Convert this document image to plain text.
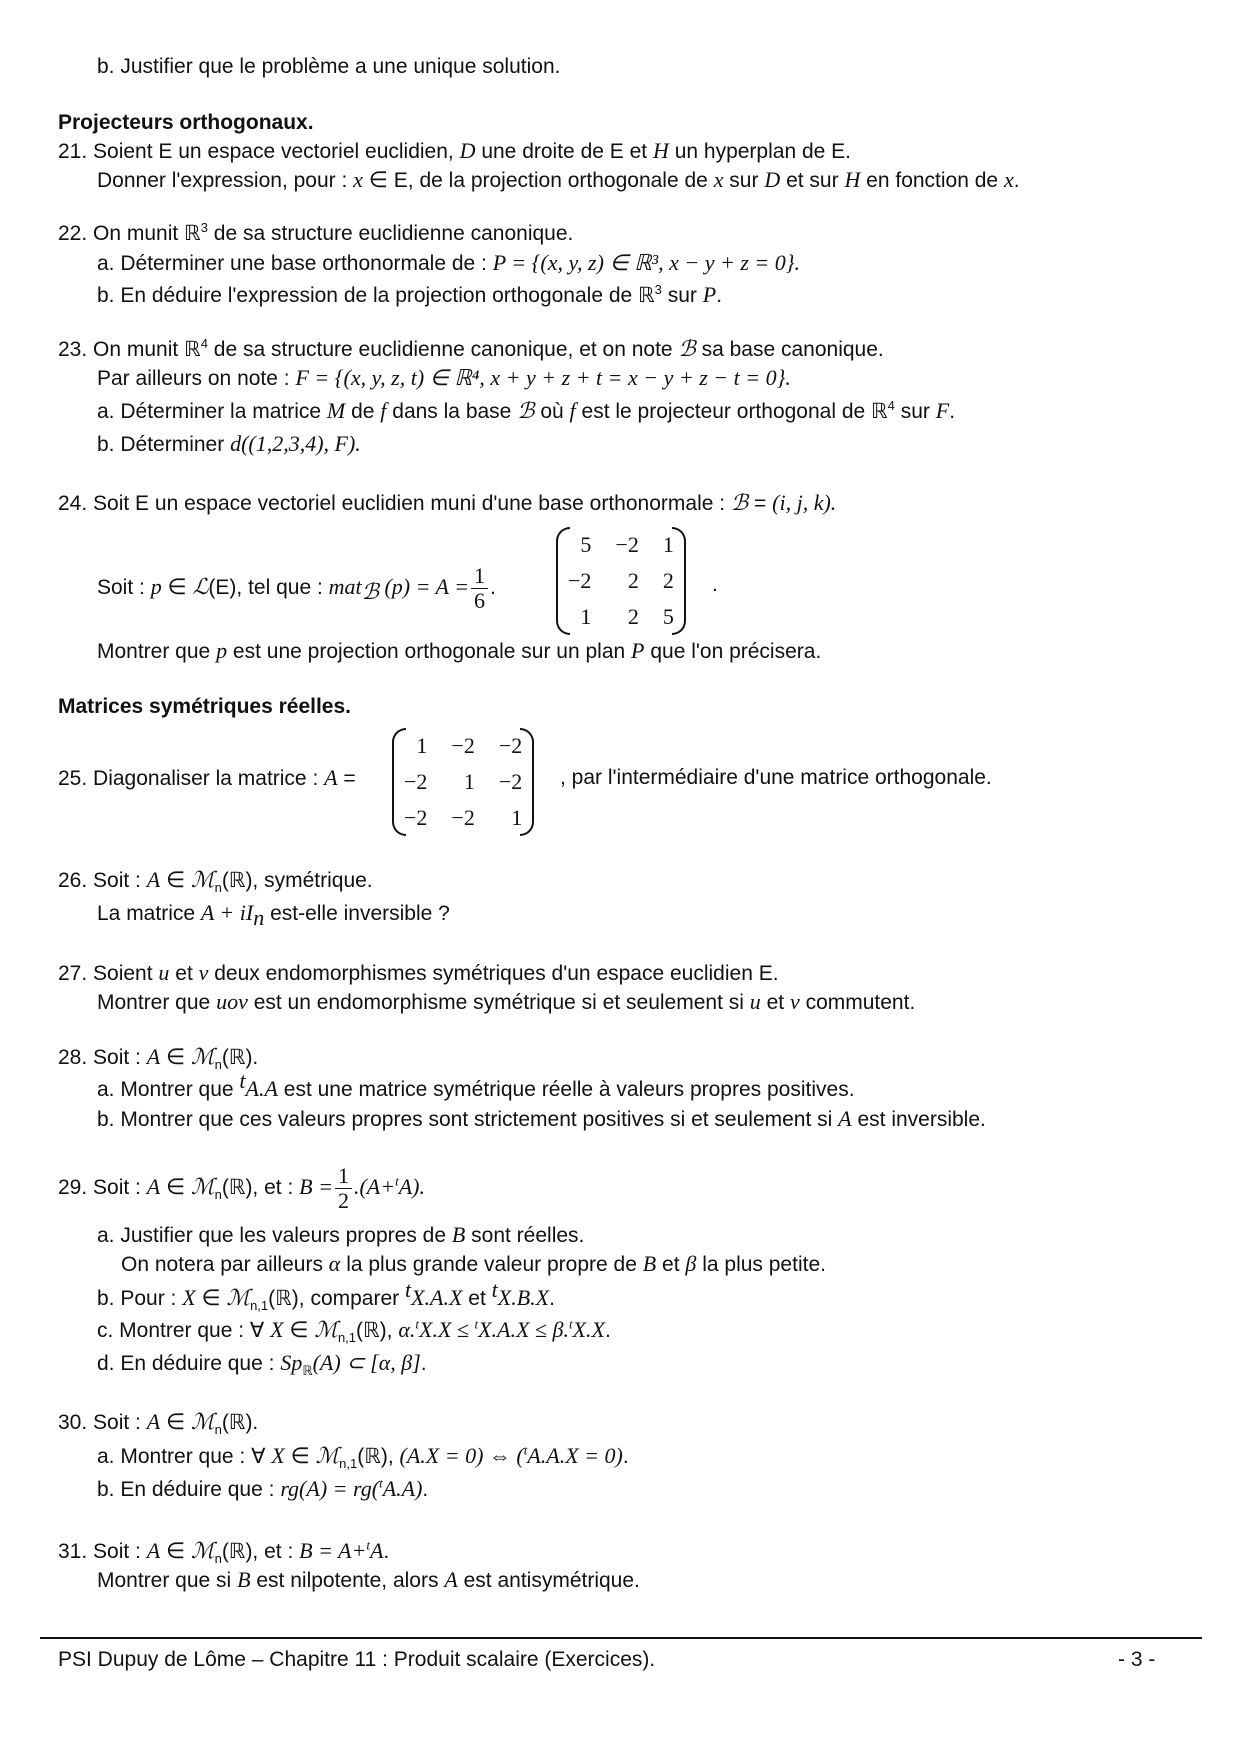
b. Justifier que le problème a une unique solution.
Projecteurs orthogonaux.
21. Soient E un espace vectoriel euclidien, D une droite de E et H un hyperplan de E.
Donner l'expression, pour : x ∈ E, de la projection orthogonale de x sur D et sur H en fonction de x.
22. On munit ℝ$^3$ de sa structure euclidienne canonique.
a. Déterminer une base orthonormale de : P = {(x, y, z) ∈ ℝ³, x − y + z = 0}.
b. En déduire l'expression de la projection orthogonale de ℝ$^3$ sur P.
23. On munit ℝ$^4$ de sa structure euclidienne canonique, et on note ℬ sa base canonique.
Par ailleurs on note : F = {(x, y, z, t) ∈ ℝ⁴, x + y + z + t = x − y + z − t = 0}.
a. Déterminer la matrice M de f dans la base ℬ où f est le projecteur orthogonal de ℝ$^4$ sur F.
b. Déterminer d((1,2,3,4), F).
24. Soit E un espace vectoriel euclidien muni d'une base orthonormale : ℬ = (i, j, k).
Soit : p ∈ ℒ(E), tel que : mat$_ℬ$ $(p) = A = \frac{1}{6}$ .
5	−2	1
−2	2	2
1	2	5
.
Montrer que p est une projection orthogonale sur un plan P que l'on précisera.
Matrices symétriques réelles.
25. Diagonaliser la matrice : A =
1	−2	−2
−2	1	−2
−2	−2	1
, par l'intermédiaire d'une matrice orthogonale.
26. Soit : A ∈ ℳ$_n$(ℝ), symétrique.
La matrice $A + iI_n$ est-elle inversible ?
27. Soient u et v deux endomorphismes symétriques d'un espace euclidien E.
Montrer que uov est un endomorphisme symétrique si et seulement si u et v commutent.
28. Soit : A ∈ ℳ$_n$(ℝ).
a. Montrer que $^t$A.A est une matrice symétrique réelle à valeurs propres positives.
b. Montrer que ces valeurs propres sont strictement positives si et seulement si A est inversible.
29. Soit : A ∈ ℳ$_n$(ℝ), et : $B = \frac{1}{2} .(A+^tA)$.
a. Justifier que les valeurs propres de B sont réelles.
On notera par ailleurs α la plus grande valeur propre de B et β la plus petite.
b. Pour : X ∈ ℳ$_{n,1}$(ℝ), comparer $^t$X.A.X et $^t$X.B.X.
c. Montrer que : ∀ X ∈ ℳ$_{n,1}$(ℝ), α.$^t$X.X ≤ $^t$X.A.X ≤ β.$^t$X.X.
d. En déduire que : $Sp_ℝ(A)$ ⊂ [α, β].
30. Soit : A ∈ ℳ$_n$(ℝ).
a. Montrer que : ∀ X ∈ ℳ$_{n,1}$(ℝ), (A.X = 0) ⇔ ($^t$A.A.X = 0).
b. En déduire que : rg(A) = rg($^t$A.A).
31. Soit : A ∈ ℳ$_n$(ℝ), et : B = A+$^t$A.
Montrer que si B est nilpotente, alors A est antisymétrique.
PSI Dupuy de Lôme – Chapitre 11 : Produit scalaire (Exercices).	- 3 -
